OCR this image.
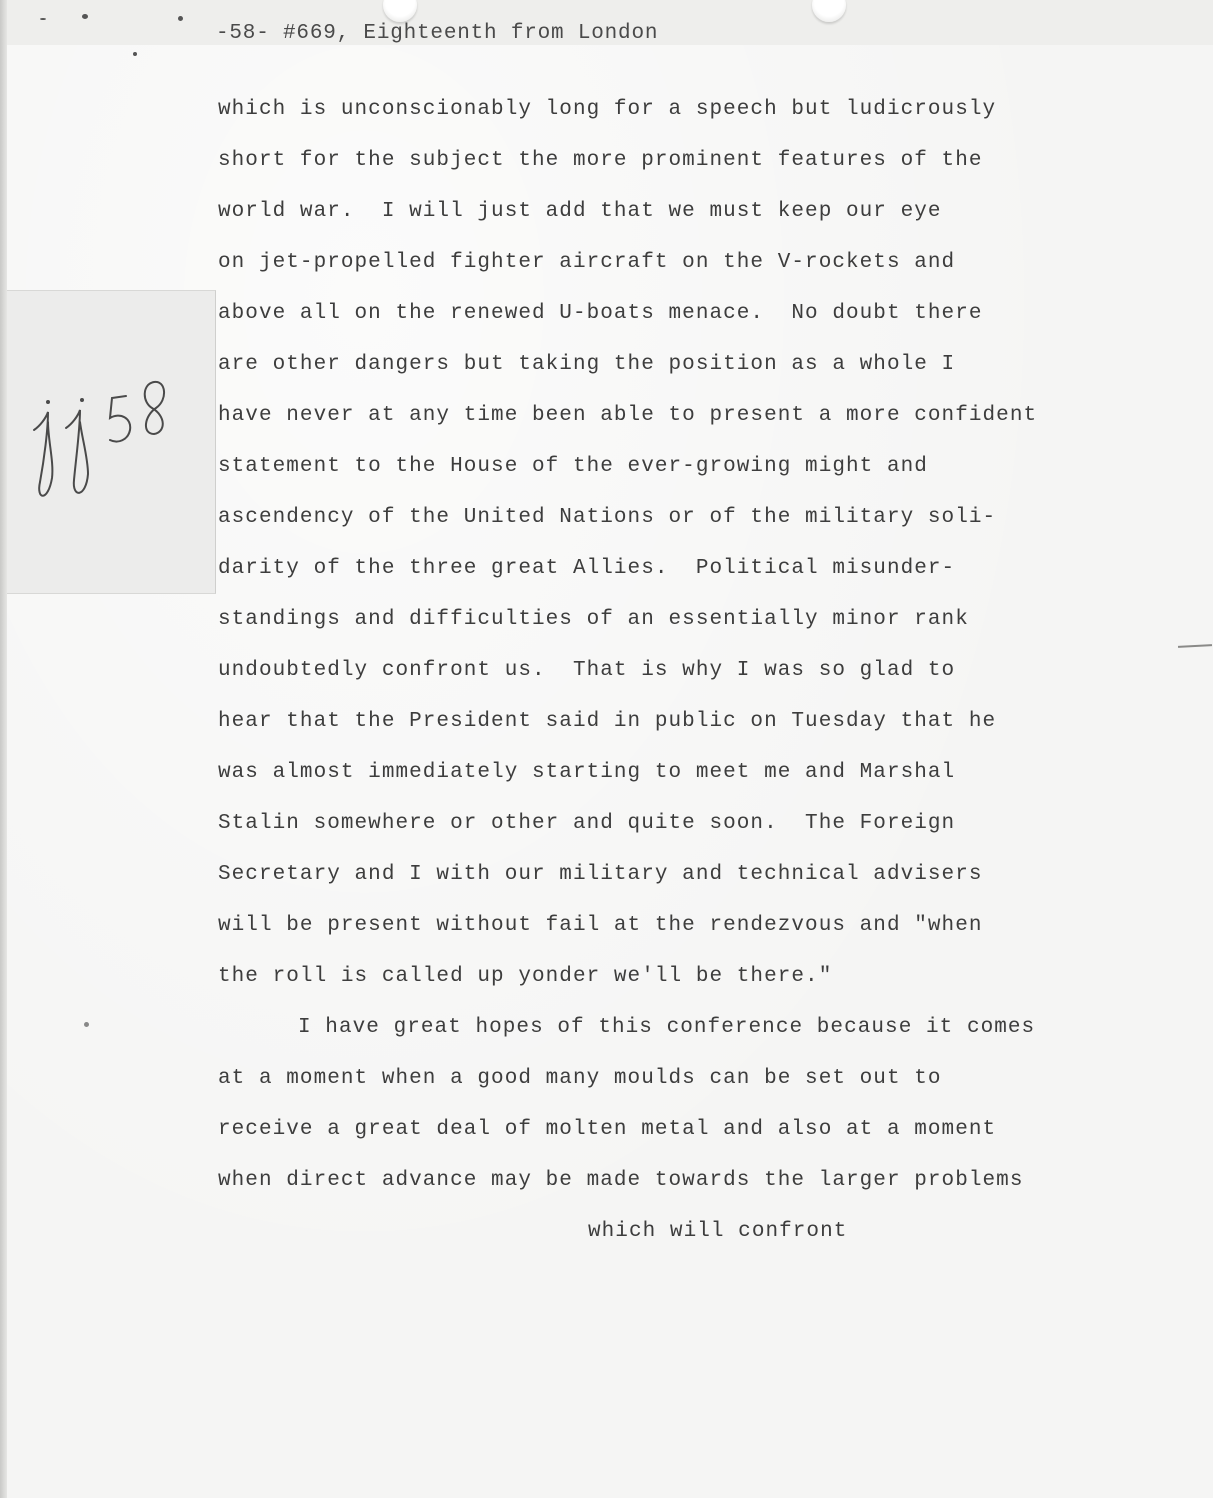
-58- #669, Eighteenth from London
which is unconscionably long for a speech but ludicrously
short for the subject the more prominent features of the
world war.  I will just add that we must keep our eye
on jet-propelled fighter aircraft on the V-rockets and
above all on the renewed U-boats menace.  No doubt there
are other dangers but taking the position as a whole I
have never at any time been able to present a more confident
statement to the House of the ever-growing might and
ascendency of the United Nations or of the military soli-
darity of the three great Allies.  Political misunder-
standings and difficulties of an essentially minor rank
undoubtedly confront us.  That is why I was so glad to
hear that the President said in public on Tuesday that he
was almost immediately starting to meet me and Marshal
Stalin somewhere or other and quite soon.  The Foreign
Secretary and I with our military and technical advisers
will be present without fail at the rendezvous and "when
the roll is called up yonder we'll be there."
I have great hopes of this conference because it comes
at a moment when a good many moulds can be set out to
receive a great deal of molten metal and also at a moment
when direct advance may be made towards the larger problems
which will confront
